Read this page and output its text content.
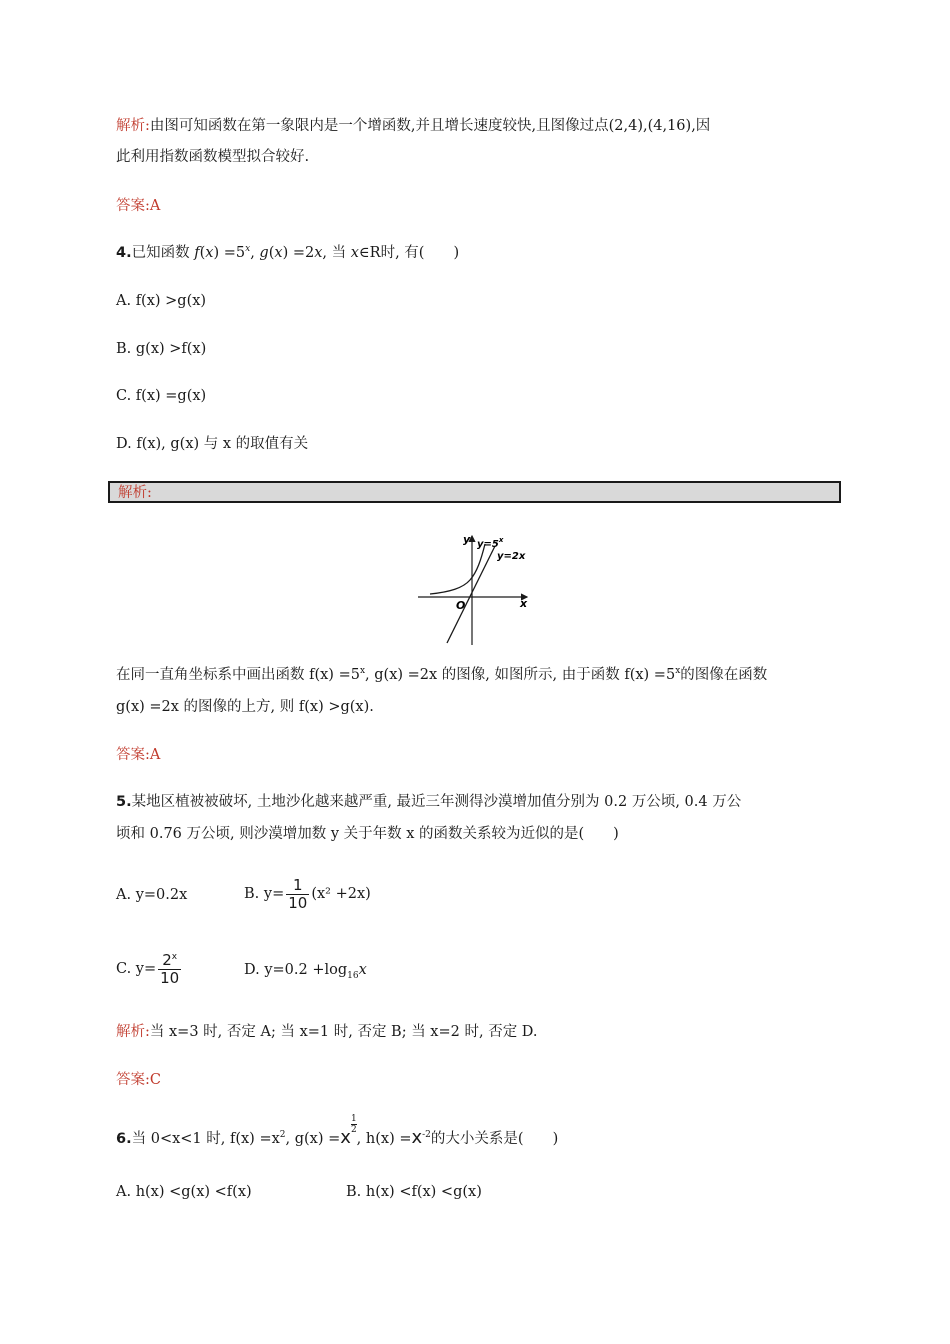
解析:由图可知函数在第一象限内是一个增函数,并且增长速度较快,且图像过点(2,4),(4,16),因
此利用指数函数模型拟合较好.
答案:A
4.已知函数 $f(x) =5^x$, g(x) =2x, 当 x∈R时, 有(　　)
A. f(x) >g(x)
B. g(x) >f(x)
C. f(x) =g(x)
D. f(x), g(x) 与 x 的取值有关
解析:
y
x
O
$y=5^x$
y=2x
在同一直角坐标系中画出函数 $f(x) =5^x$, g(x) =2x 的图像, 如图所示, 由于函数 $f(x) =5^x$的图像在函数
g(x) =2x 的图像的上方, 则 f(x) >g(x).
答案:A
5.某地区植被被破坏, 土地沙化越来越严重, 最近三年测得沙漠增加值分别为 0.2 万公顷, 0.4 万公
顷和 0.76 万公顷, 则沙漠增加数 y 关于年数 x 的函数关系较为近似的是(　　)
A. y=0.2x	B. $y= \frac{1}{10} (x^2 +2x)$
C. $y= \frac{2^x}{10}$	D. $y=0.2 +\log_{16}x$
解析:当 x=3 时, 否定 A; 当 x=1 时, 否定 B; 当 x=2 时, 否定 D.
答案:C
6.当 0<x<1 时, $f(x) =x^2$, g(x) =x
$\frac{1}{2}$
, $h(x) =x^{-2}$的大小关系是(　　)
A. h(x) <g(x) <f(x)	B. h(x) <f(x) <g(x)
